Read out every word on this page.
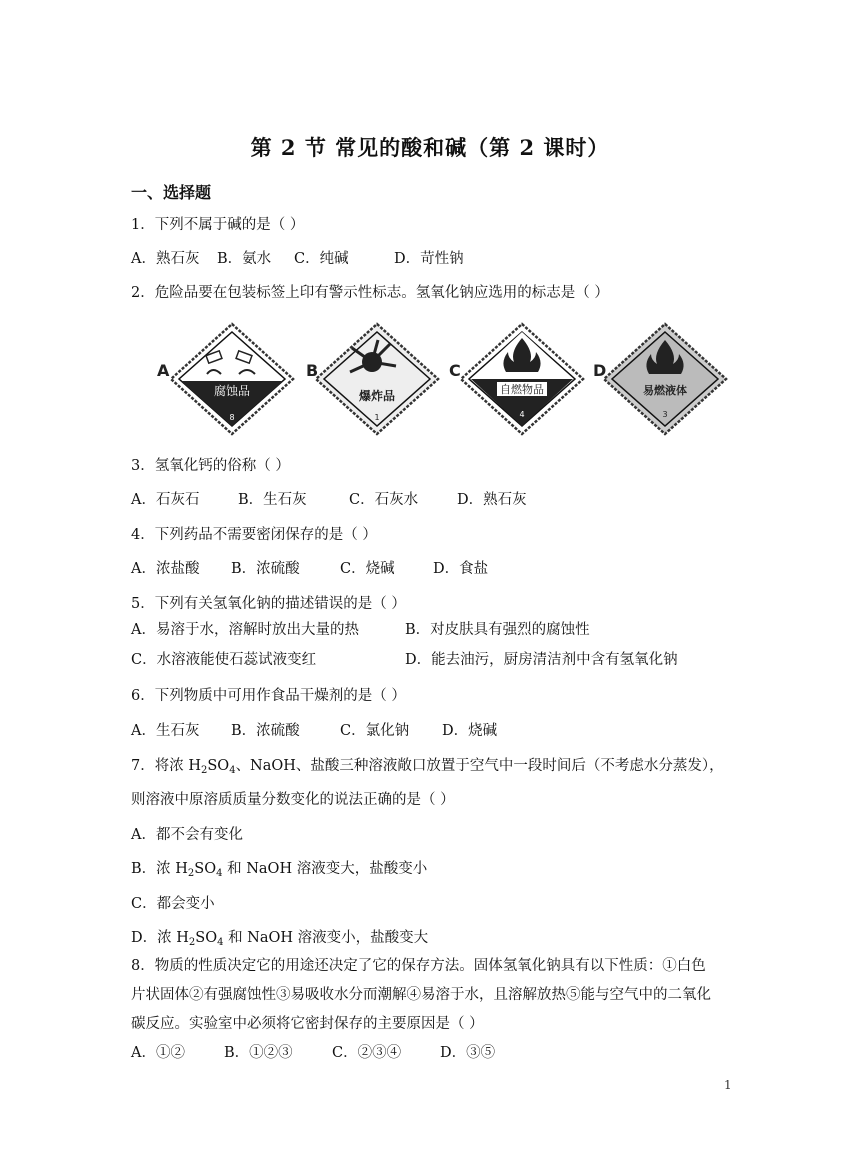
第 2 节 常见的酸和碱（第 2 课时）
一、选择题
1．下列不属于碱的是（ ）
A．熟石灰 B．氨水 C．纯碱	D．苛性钠
2．危险品要在包装标签上印有警示性标志。氢氧化钠应选用的标志是（ ）
A
腐蚀品
8
B
爆炸品
1
C
自燃物品
4
D
易燃液体
3
3．氢氧化钙的俗称（ ）
A．石灰石	B．生石灰	C．石灰水	D．熟石灰
4．下列药品不需要密闭保存的是（ ）
A．浓盐酸 B．浓硫酸	C．烧碱	D．食盐
5．下列有关氢氧化钠的描述错误的是（ ）
A．易溶于水，溶解时放出大量的热	B．对皮肤具有强烈的腐蚀性
C．水溶液能使石蕊试液变红	D．能去油污，厨房清洁剂中含有氢氧化钠
6．下列物质中可用作食品干燥剂的是（ ）
A．生石灰 B．浓硫酸	C．氯化钠 D．烧碱
7．将浓 $H_2SO_4$、NaOH、盐酸三种溶液敞口放置于空气中一段时间后（不考虑水分蒸发），
则溶液中原溶质质量分数变化的说法正确的是（ ）
A．都不会有变化
B．浓 $H_2SO_4$ 和 NaOH 溶液变大，盐酸变小
C．都会变小
D．浓 $H_2SO_4$ 和 NaOH 溶液变小，盐酸变大
8．物质的性质决定它的用途还决定了它的保存方法。固体氢氧化钠具有以下性质：①白色
片状固体②有强腐蚀性③易吸收水分而潮解④易溶于水，且溶解放热⑤能与空气中的二氧化
碳反应。实验室中必须将它密封保存的主要原因是（ ）
A．①②	B．①②③	C．②③④	D．③⑤
1
